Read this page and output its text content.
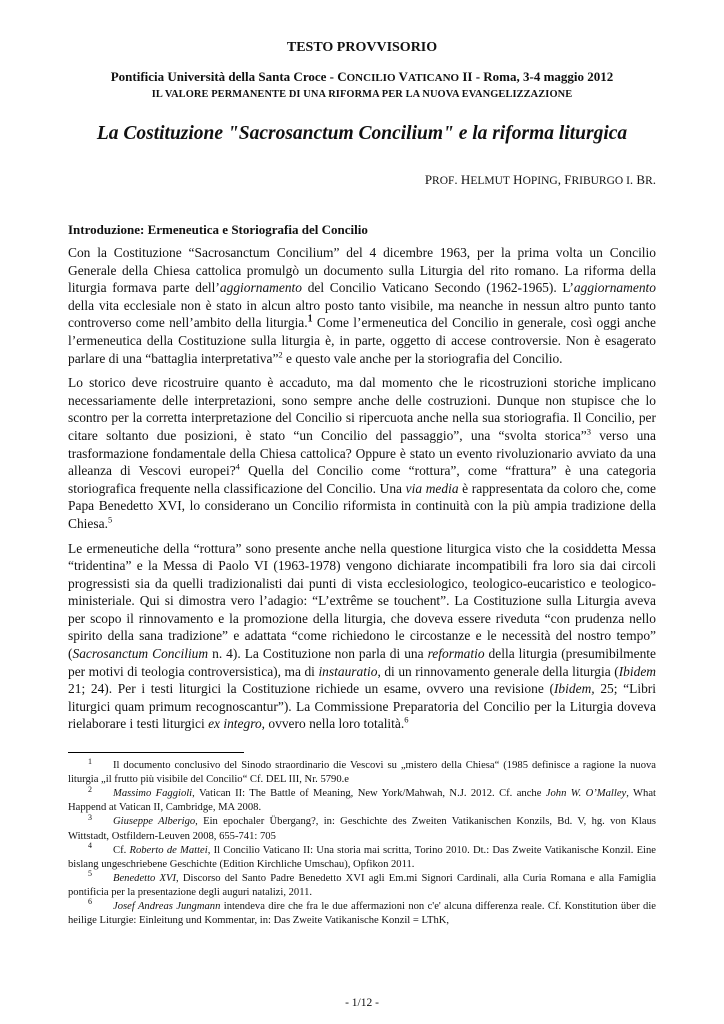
TESTO PROVVISORIO
Pontificia Università della Santa Croce - CONCILIO VATICANO II - Roma, 3-4 maggio 2012
IL VALORE PERMANENTE DI UNA RIFORMA PER LA NUOVA EVANGELIZZAZIONE
La Costituzione "Sacrosanctum Concilium" e la riforma liturgica
PROF. HELMUT HOPING, FRIBURGO I. BR.
Introduzione: Ermeneutica e Storiografia del Concilio

Con la Costituzione “Sacrosanctum Concilium” del 4 dicembre 1963, per la prima volta un Concilio Generale della Chiesa cattolica promulgò un documento sulla Liturgia del rito romano. La riforma della liturgia formava parte dell’aggiornamento del Concilio Vaticano Secondo (1962-1965). L’aggiornamento della vita ecclesiale non è stato in alcun altro posto tanto visibile, ma neanche in nessun altro punto tanto controverso come nell’ambito della liturgia.$^1$ Come l’ermeneutica del Concilio in generale, così oggi anche l’ermeneutica della Costituzione sulla liturgia è, in parte, oggetto di accese controversie. Non è esagerato parlare di una “battaglia interpretativa”$^2$ e questo vale anche per la storiografia del Concilio.

Lo storico deve ricostruire quanto è accaduto, ma dal momento che le ricostruzioni storiche implicano necessariamente delle interpretazioni, sono sempre anche delle costruzioni. Dunque non stupisce che lo scontro per la corretta interpretazione del Concilio si ripercuota anche nella sua storiografia. Il Concilio, per citare soltanto due posizioni, è stato “un Concilio del passaggio”, una “svolta storica”$^3$ verso una trasformazione fondamentale della Chiesa cattolica? Oppure è stato un evento rivoluzionario avviato da una alleanza di Vescovi europei?$^4$ Quella del Concilio come “rottura”, come “frattura” è una categoria storiografica frequente nella classificazione del Concilio. Una via media è rappresentata da coloro che, come Papa Benedetto XVI, lo considerano un Concilio riformista in continuità con la più ampia tradizione della Chiesa.$^5$

Le ermeneutiche della “rottura” sono presente anche nella questione liturgica visto che la cosiddetta Messa “tridentina” e la Messa di Paolo VI (1963-1978) vengono dichiarate incompatibili fra loro sia dai circoli progressisti sia da quelli tradizionalisti dai punti di vista ecclesiologico, teologico-eucaristico e teologico-ministeriale. Qui si dimostra vero l’adagio: “L’extrême se touchent”. La Costituzione sulla Liturgia aveva per scopo il rinnovamento e la promozione della liturgia, che doveva essere riveduta “con prudenza nello spirito della sana tradizione” e adattata “come richiedono le circostanze e le necessità del nostro tempo” (Sacrosanctum Concilium n. 4). La Costituzione non parla di una reformatio della liturgia (presumibilmente per motivi di teologia controversistica), ma di instauratio, di un rinnovamento generale della liturgia (Ibidem 21; 24). Per i testi liturgici la Costituzione richiede un esame, ovvero una revisione (Ibidem, 25; “Libri liturgici quam primum recognoscantur”). La Commissione Preparatoria del Concilio per la Liturgia doveva rielaborare i testi liturgici ex integro, ovvero nella loro totalità.$^6$

1 Il documento conclusivo del Sinodo straordinario die Vescovi su „mistero della Chiesa“ (1985 definisce a ragione la nuova liturgia „il frutto più visibile del Concilio“ Cf. DEL III, Nr. 5790.e

2 Massimo Faggioli, Vatican II: The Battle of Meaning, New York/Mahwah, N.J. 2012. Cf. anche John W. O’Malley, What Happend at Vatican II, Cambridge, MA 2008.

3 Giuseppe Alberigo, Ein epochaler Übergang?, in: Geschichte des Zweiten Vatikanischen Konzils, Bd. V, hg. von Klaus Wittstadt, Ostfildern-Leuven 2008, 655-741: 705

4 Cf. Roberto de Mattei, Il Concilio Vaticano II: Una storia mai scritta, Torino 2010. Dt.: Das Zweite Vatikanische Konzil. Eine bislang ungeschriebene Geschichte (Edition Kirchliche Umschau), Opfikon 2011.

5 Benedetto XVI, Discorso del Santo Padre Benedetto XVI agli Em.mi Signori Cardinali, alla Curia Romana e alla Famiglia pontificia per la presentazione degli auguri natalizi, 2011.

6 Josef Andreas Jungmann intendeva dire che fra le due affermazioni non c'e' alcuna differenza reale. Cf. Konstitution über die heilige Liturgie: Einleitung und Kommentar, in: Das Zweite Vatikanische Konzil = LThK,

- 1/12 -
